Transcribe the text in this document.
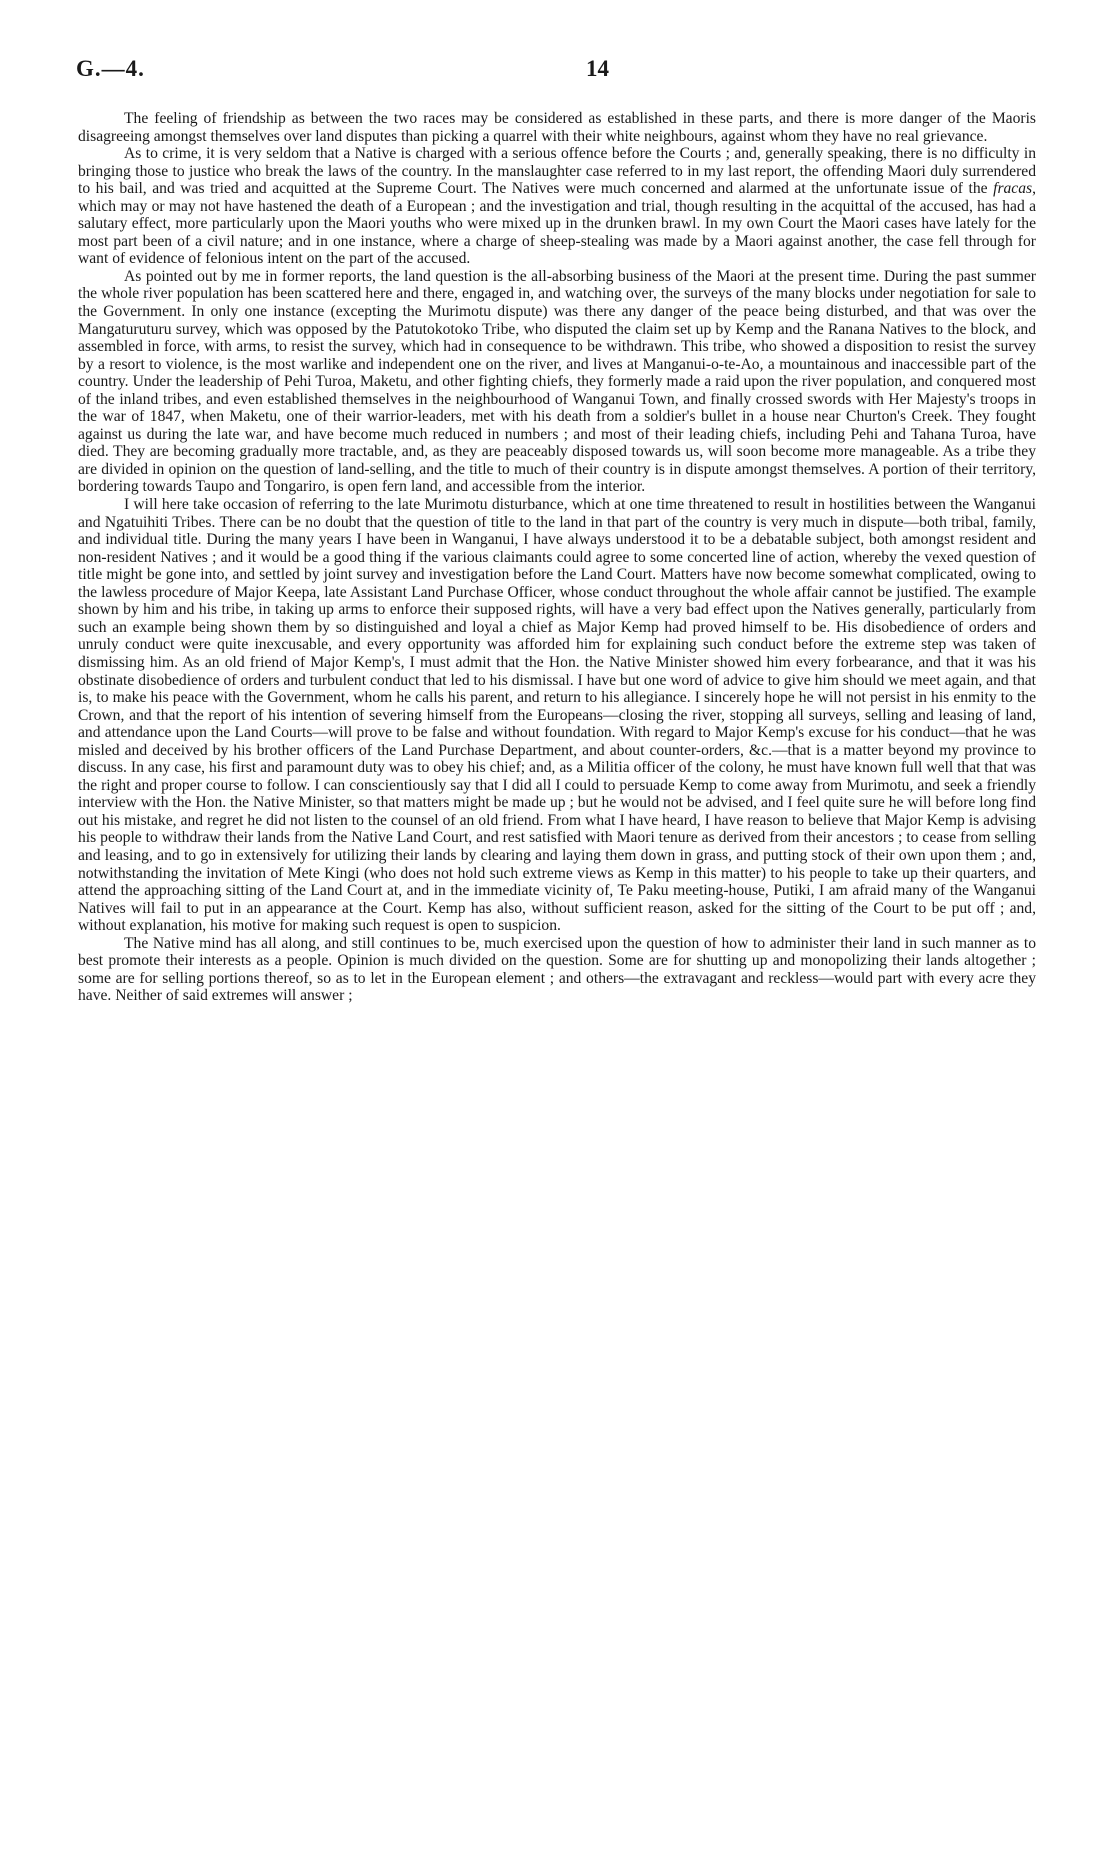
G.—4.	14

The feeling of friendship as between the two races may be considered as established in these parts, and there is more danger of the Maoris disagreeing amongst themselves over land disputes than picking a quarrel with their white neighbours, against whom they have no real grievance.

As to crime, it is very seldom that a Native is charged with a serious offence before the Courts ; and, generally speaking, there is no difficulty in bringing those to justice who break the laws of the country. In the manslaughter case referred to in my last report, the offending Maori duly surrendered to his bail, and was tried and acquitted at the Supreme Court. The Natives were much concerned and alarmed at the unfortunate issue of the fracas, which may or may not have hastened the death of a European ; and the investigation and trial, though resulting in the acquittal of the accused, has had a salutary effect, more particularly upon the Maori youths who were mixed up in the drunken brawl. In my own Court the Maori cases have lately for the most part been of a civil nature; and in one instance, where a charge of sheep-stealing was made by a Maori against another, the case fell through for want of evidence of felonious intent on the part of the accused.

As pointed out by me in former reports, the land question is the all-absorbing business of the Maori at the present time. During the past summer the whole river population has been scattered here and there, engaged in, and watching over, the surveys of the many blocks under negotiation for sale to the Government. In only one instance (excepting the Murimotu dispute) was there any danger of the peace being disturbed, and that was over the Mangaturuturu survey, which was opposed by the Patutokotoko Tribe, who disputed the claim set up by Kemp and the Ranana Natives to the block, and assembled in force, with arms, to resist the survey, which had in consequence to be withdrawn. This tribe, who showed a disposition to resist the survey by a resort to violence, is the most warlike and independent one on the river, and lives at Manganui-o-te-Ao, a mountainous and inaccessible part of the country. Under the leadership of Pehi Turoa, Maketu, and other fighting chiefs, they formerly made a raid upon the river population, and conquered most of the inland tribes, and even established themselves in the neighbourhood of Wanganui Town, and finally crossed swords with Her Majesty's troops in the war of 1847, when Maketu, one of their warrior-leaders, met with his death from a soldier's bullet in a house near Churton's Creek. They fought against us during the late war, and have become much reduced in numbers ; and most of their leading chiefs, including Pehi and Tahana Turoa, have died. They are becoming gradually more tractable, and, as they are peaceably disposed towards us, will soon become more manageable. As a tribe they are divided in opinion on the question of land-selling, and the title to much of their country is in dispute amongst themselves. A portion of their territory, bordering towards Taupo and Tongariro, is open fern land, and accessible from the interior.

I will here take occasion of referring to the late Murimotu disturbance, which at one time threatened to result in hostilities between the Wanganui and Ngatuihiti Tribes. There can be no doubt that the question of title to the land in that part of the country is very much in dispute—both tribal, family, and individual title. During the many years I have been in Wanganui, I have always understood it to be a debatable subject, both amongst resident and non-resident Natives ; and it would be a good thing if the various claimants could agree to some concerted line of action, whereby the vexed question of title might be gone into, and settled by joint survey and investigation before the Land Court. Matters have now become somewhat complicated, owing to the lawless procedure of Major Keepa, late Assistant Land Purchase Officer, whose conduct throughout the whole affair cannot be justified. The example shown by him and his tribe, in taking up arms to enforce their supposed rights, will have a very bad effect upon the Natives generally, particularly from such an example being shown them by so distinguished and loyal a chief as Major Kemp had proved himself to be. His disobedience of orders and unruly conduct were quite inexcusable, and every opportunity was afforded him for explaining such conduct before the extreme step was taken of dismissing him. As an old friend of Major Kemp's, I must admit that the Hon. the Native Minister showed him every forbearance, and that it was his obstinate disobedience of orders and turbulent conduct that led to his dismissal. I have but one word of advice to give him should we meet again, and that is, to make his peace with the Government, whom he calls his parent, and return to his allegiance. I sincerely hope he will not persist in his enmity to the Crown, and that the report of his intention of severing himself from the Europeans—closing the river, stopping all surveys, selling and leasing of land, and attendance upon the Land Courts—will prove to be false and without foundation. With regard to Major Kemp's excuse for his conduct—that he was misled and deceived by his brother officers of the Land Purchase Department, and about counter-orders, &c.—that is a matter beyond my province to discuss. In any case, his first and paramount duty was to obey his chief; and, as a Militia officer of the colony, he must have known full well that that was the right and proper course to follow. I can conscientiously say that I did all I could to persuade Kemp to come away from Murimotu, and seek a friendly interview with the Hon. the Native Minister, so that matters might be made up ; but he would not be advised, and I feel quite sure he will before long find out his mistake, and regret he did not listen to the counsel of an old friend. From what I have heard, I have reason to believe that Major Kemp is advising his people to withdraw their lands from the Native Land Court, and rest satisfied with Maori tenure as derived from their ancestors ; to cease from selling and leasing, and to go in extensively for utilizing their lands by clearing and laying them down in grass, and putting stock of their own upon them ; and, notwithstanding the invitation of Mete Kingi (who does not hold such extreme views as Kemp in this matter) to his people to take up their quarters, and attend the approaching sitting of the Land Court at, and in the immediate vicinity of, Te Paku meeting-house, Putiki, I am afraid many of the Wanganui Natives will fail to put in an appearance at the Court. Kemp has also, without sufficient reason, asked for the sitting of the Court to be put off ; and, without explanation, his motive for making such request is open to suspicion.

The Native mind has all along, and still continues to be, much exercised upon the question of how to administer their land in such manner as to best promote their interests as a people. Opinion is much divided on the question. Some are for shutting up and monopolizing their lands altogether ; some are for selling portions thereof, so as to let in the European element ; and others—the extravagant and reckless—would part with every acre they have. Neither of said extremes will answer ;
